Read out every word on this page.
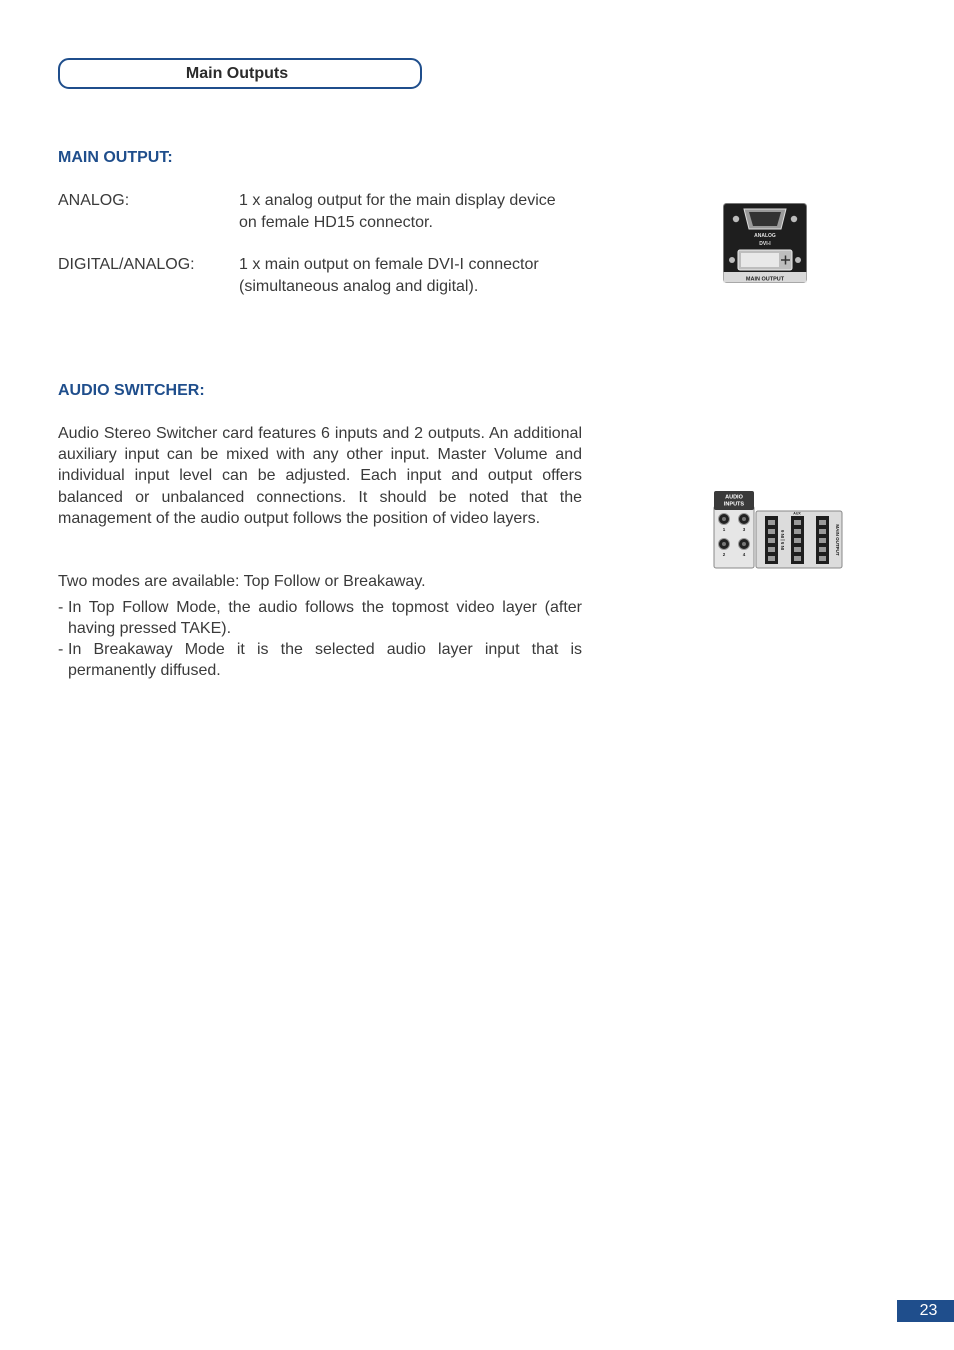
Main Outputs
MAIN OUTPUT:
ANALOG:	1 x analog output for the main display device
on female HD15 connector.
DIGITAL/ANALOG:	1 x main output on female DVI-I connector
(simultaneous analog and digital).
ANALOG
DVI-I
MAIN OUTPUT
AUDIO SWITCHER:

Audio Stereo Switcher card features 6 inputs and 2 outputs. An additional auxiliary input can be mixed with any other input. Master Volume and individual input level can be adjusted. Each input and output offers balanced or unbalanced connections. It should be noted that the management of the audio output follows the position of video layers.

Two modes are available: Top Follow or Breakaway.

- In Top Follow Mode, the audio follows the topmost video layer (after having pressed TAKE).
- In Breakaway Mode it is the selected audio layer input that is permanently diffused.
AUDIO
INPUTS
1	3
2	4
IN 5 | IN 6
AUX
MAIN OUTPUT
23
